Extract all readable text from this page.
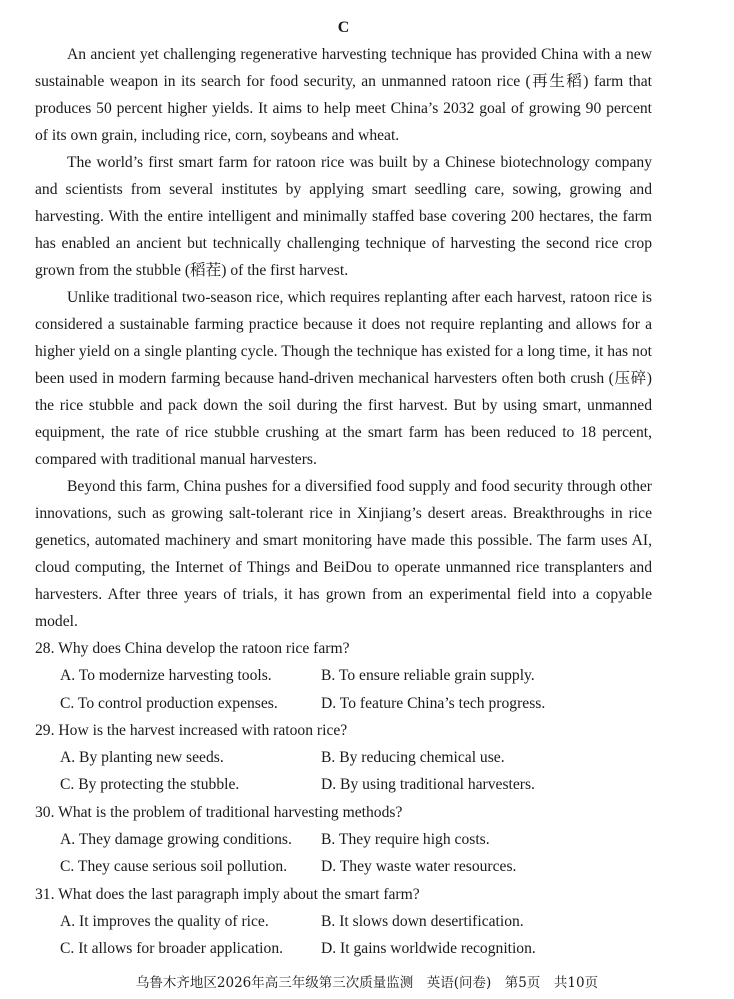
C

An ancient yet challenging regenerative harvesting technique has provided China with a new sustainable weapon in its search for food security, an unmanned ratoon rice (再生稻) farm that produces 50 percent higher yields. It aims to help meet China’s 2032 goal of growing 90 percent of its own grain, including rice, corn, soybeans and wheat.

The world’s first smart farm for ratoon rice was built by a Chinese biotechnology company and scientists from several institutes by applying smart seedling care, sowing, growing and harvesting. With the entire intelligent and minimally staffed base covering 200 hectares, the farm has enabled an ancient but technically challenging technique of harvesting the second rice crop grown from the stubble (稻茬) of the first harvest.

Unlike traditional two-season rice, which requires replanting after each harvest, ratoon rice is considered a sustainable farming practice because it does not require replanting and allows for a higher yield on a single planting cycle. Though the technique has existed for a long time, it has not been used in modern farming because hand-driven mechanical harvesters often both crush (压碎) the rice stubble and pack down the soil during the first harvest. But by using smart, unmanned equipment, the rate of rice stubble crushing at the smart farm has been reduced to 18 percent, compared with traditional manual harvesters.

Beyond this farm, China pushes for a diversified food supply and food security through other innovations, such as growing salt-tolerant rice in Xinjiang’s desert areas. Breakthroughs in rice genetics, automated machinery and smart monitoring have made this possible. The farm uses AI, cloud computing, the Internet of Things and BeiDou to operate unmanned rice transplanters and harvesters. After three years of trials, it has grown from an experimental field into a copyable model.

28. Why does China develop the ratoon rice farm?
A. To modernize harvesting tools.	B. To ensure reliable grain supply.
C. To control production expenses.	D. To feature China’s tech progress.
29. How is the harvest increased with ratoon rice?
A. By planting new seeds.	B. By reducing chemical use.
C. By protecting the stubble.	D. By using traditional harvesters.
30. What is the problem of traditional harvesting methods?
A. They damage growing conditions.	B. They require high costs.
C. They cause serious soil pollution.	D. They waste water resources.
31. What does the last paragraph imply about the smart farm?
A. It improves the quality of rice.	B. It slows down desertification.
C. It allows for broader application.	D. It gains worldwide recognition.
乌鲁木齐地区2026年高三年级第三次质量监测　英语(问卷)　第5页　共10页
